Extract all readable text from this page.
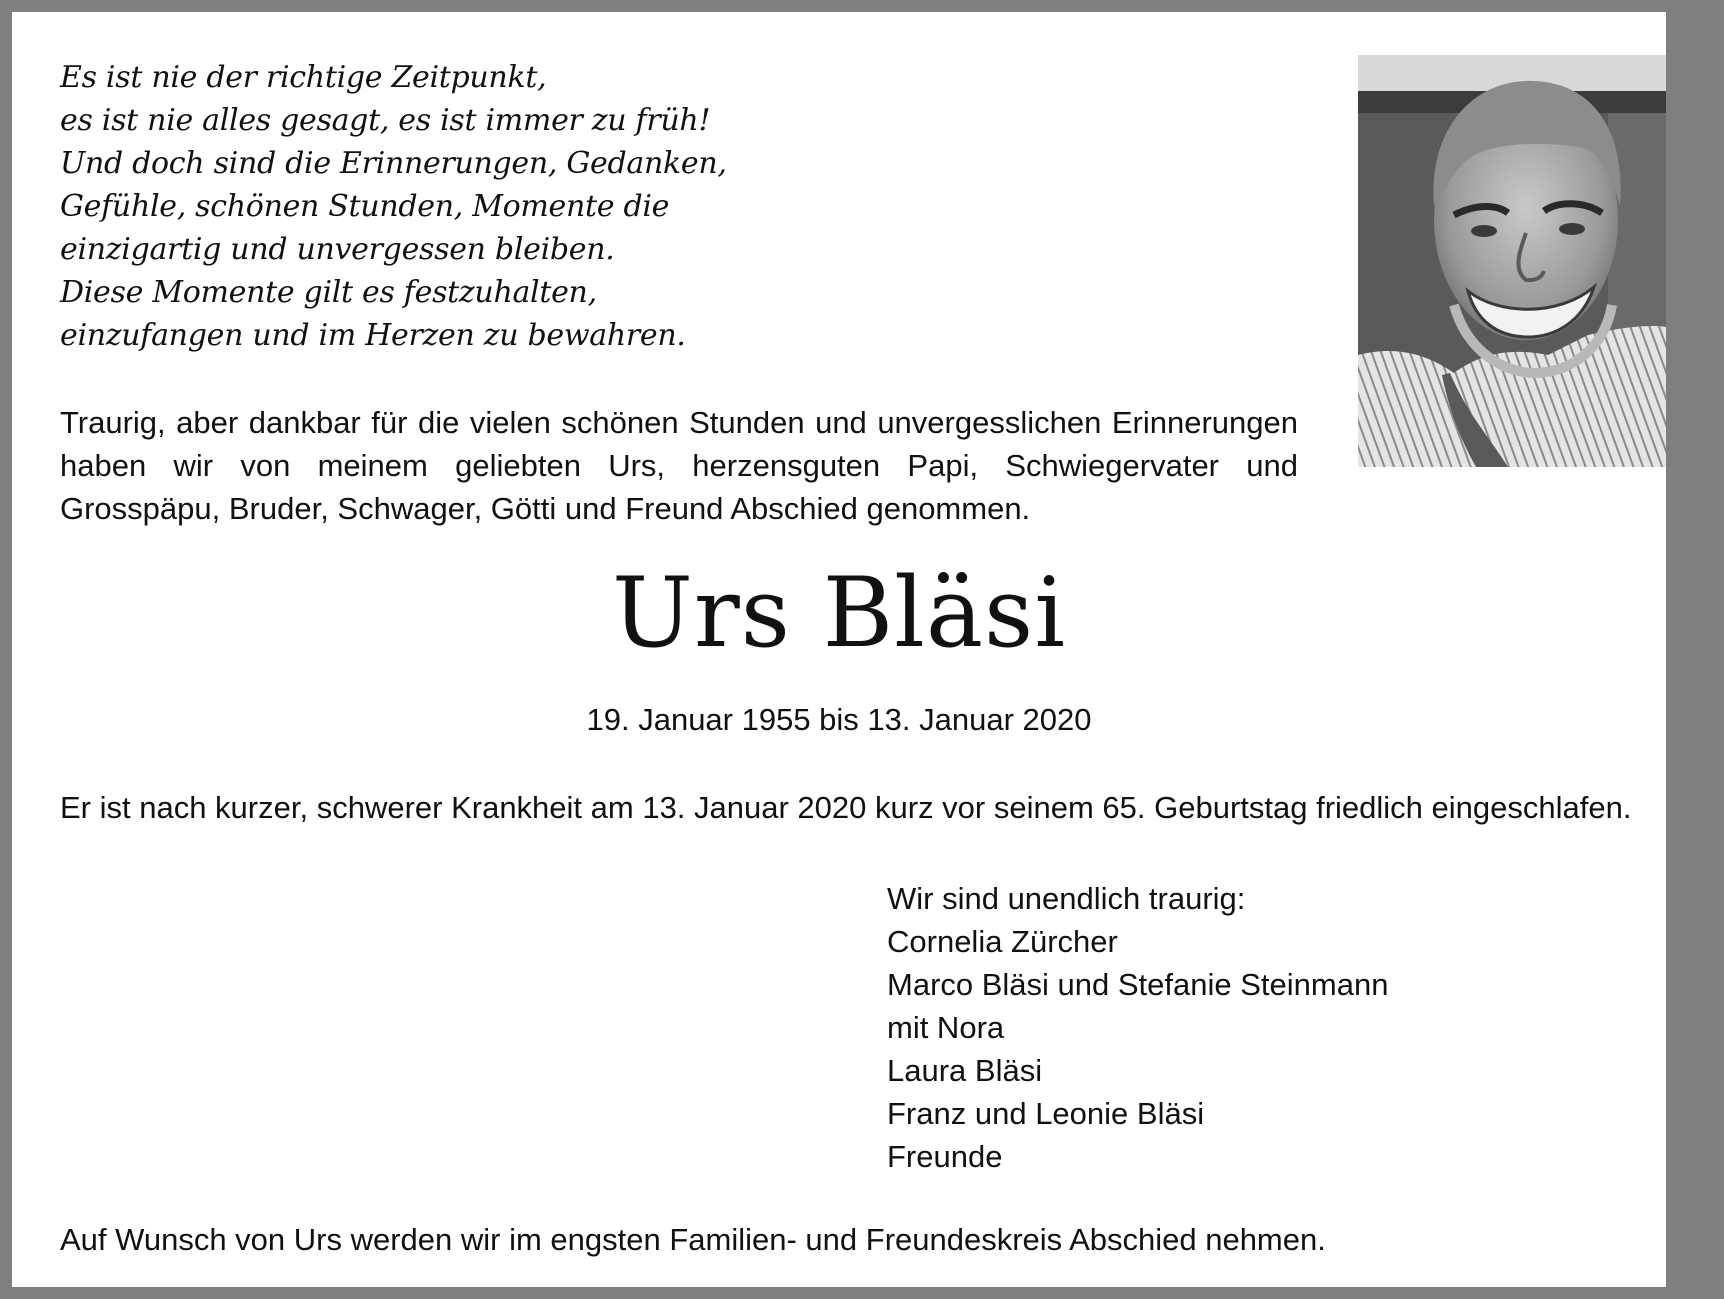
Es ist nie der richtige Zeitpunkt,
es ist nie alles gesagt, es ist immer zu früh!
Und doch sind die Erinnerungen, Gedanken,
Gefühle, schönen Stunden, Momente die
einzigartig und unvergessen bleiben.
Diese Momente gilt es festzuhalten,
einzufangen und im Herzen zu bewahren.

Traurig, aber dankbar für die vielen schönen Stunden und unvergesslichen Erinnerungen haben wir von meinem geliebten Urs, herzensguten Papi, Schwiegervater und Grosspäpu, Bruder, Schwager, Götti und Freund Abschied genommen.

Urs Bläsi

19. Januar 1955 bis 13. Januar 2020

Er ist nach kurzer, schwerer Krankheit am 13. Januar 2020 kurz vor seinem 65. Geburtstag friedlich eingeschlafen.

Wir sind unendlich traurig:
Cornelia Zürcher
Marco Bläsi und Stefanie Steinmann
mit Nora
Laura Bläsi
Franz und Leonie Bläsi
Freunde

Auf Wunsch von Urs werden wir im engsten Familien- und Freundeskreis Abschied nehmen.
